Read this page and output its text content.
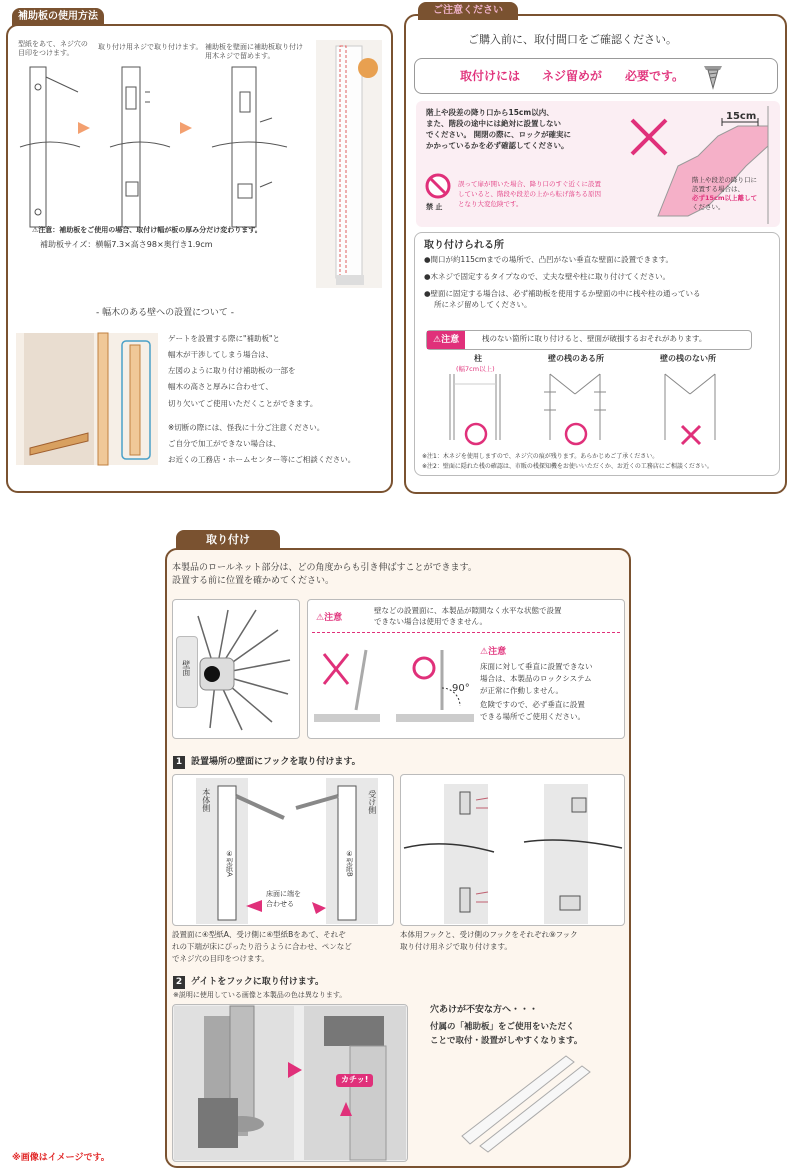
補助板の使用方法
型紙をあて、ネジ穴の
目印をつけます。
取り付け用ネジで取り付けます。 補助板を壁面に補助板取り付け
用木ネジで留めます。
⚠注意：補助板をご使用の場合、取付け幅が板の厚み分だけ変わります。
補助板サイズ：横幅7.3×高さ98×奥行き1.9cm
- 幅木のある壁への設置について -
ゲートを設置する際に"補助板"と
幅木が干渉してしまう場合は、
左図のように取り付け補助板の一部を
幅木の高さと厚みに合わせて、
切り欠いてご使用いただくことができます。
※切断の際には、怪我に十分ご注意ください。
ご自分で加工ができない場合は、
お近くの工務店・ホームセンター等にご相談ください。
ご注意ください
ご購入前に、取付間口をご確認ください。
取付けには ネジ留めが 必要です。
階上や段差の降り口から15cm以内、
また、階段の途中には絶対に設置しない
でください。 開閉の際に、ロックが確実に
かかっているかを必ず確認してください。
禁 止
誤って扉が開いた場合、降り口のすぐ近くに設置
していると、階段や段差の上から転げ落ちる原因
となり大変危険です。
15cm
階上や段差の降り口に
設置する場合は、
必ず15cm以上離して
ください。
取り付けられる所
●間口が約115cmまでの場所で、凸凹がない垂直な壁面に設置できます。
●木ネジで固定するタイプなので、丈夫な壁や柱に取り付けてください。
●壁面に固定する場合は、必ず補助板を使用するか壁面の中に桟や柱の通っている
所にネジ留めしてください。
⚠注意	桟のない箇所に取り付けると、壁面が破損するおそれがあります。
柱
(幅7cm以上)
壁の桟のある所	壁の桟のない所
※注1：木ネジを使用しますので、ネジ穴の痕が残ります。あらかじめご了承ください。
※注2：壁面に隠れた桟の確認は、市販の桟探知機をお使いいただくか、お近くの工務店にご相談ください。
取り付け
本製品のロールネット部分は、どの角度からも引き伸ばすことができます。
設置する前に位置を確かめてください。
壁面
⚠注意
壁などの設置面に、本製品が隙間なく水平な状態で設置
できない場合は使用できません。
90°
⚠注意
床面に対して垂直に設置できない
場合は、本製品のロックシステム
が正常に作動しません。
危険ですので、必ず垂直に設置
できる場所でご使用ください。
1 設置場所の壁面にフックを取り付けます。
本体側	受け側
④型紙A	④型紙B
床面に端を
合わせる
設置面に④型紙A、受け側に④型紙Bをあて、それぞ
れの下端が床にぴったり沿うように合わせ、ペンなど
でネジ穴の目印をつけます。
本体用フックと、受け側のフックをそれぞれ⑨フック
取り付け用ネジで取り付けます。
2 ゲイトをフックに取り付けます。
※説明に使用している画像と本製品の色は異なります。
カチッ!
穴あけが不安な方へ・・・
付属の「補助板」をご使用をいただく
ことで取付・設置がしやすくなります。
※画像はイメージです。
